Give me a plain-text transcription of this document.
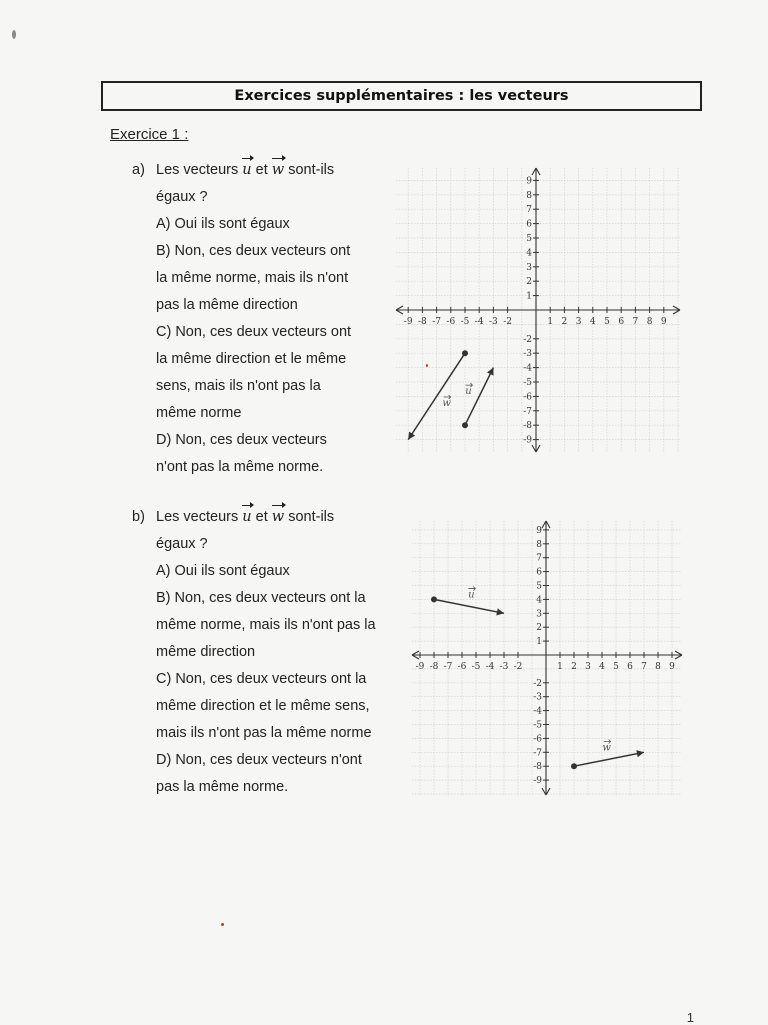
Exercices supplémentaires : les vecteurs
Exercice 1 :
a) Les vecteurs u et w sont-ils
égaux ?
A) Oui ils sont égaux
B) Non, ces deux vecteurs ont
la même norme, mais ils n'ont
pas la même direction
C) Non, ces deux vecteurs ont
la même direction et le même
sens, mais ils n'ont pas la
même norme
D) Non, ces deux vecteurs
n'ont pas la même norme.
b) Les vecteurs u et w sont-ils
égaux ?
A) Oui ils sont égaux
B) Non, ces deux vecteurs ont la
même norme, mais ils n'ont pas la
même direction
C) Non, ces deux vecteurs ont la
même direction et le même sens,
mais ils n'ont pas la même norme
D) Non, ces deux vecteurs n'ont
pas la même norme.
-9 -8 -7 -6 -5 -4 -3 -2	1 2 3 4 5 6 7 8 9
1
2
3
4
5
6
7
8
9
-2
-3
-4
-5
-6
-7
-8
-9
w
u
-9 -8 -7 -6 -5 -4 -3 -2	1 2 3 4 5 6 7 8 9
1
2
3
4
5
6
7
8
9
-2
-3
-4
-5
-6
-7
-8
-9
u
w
1
